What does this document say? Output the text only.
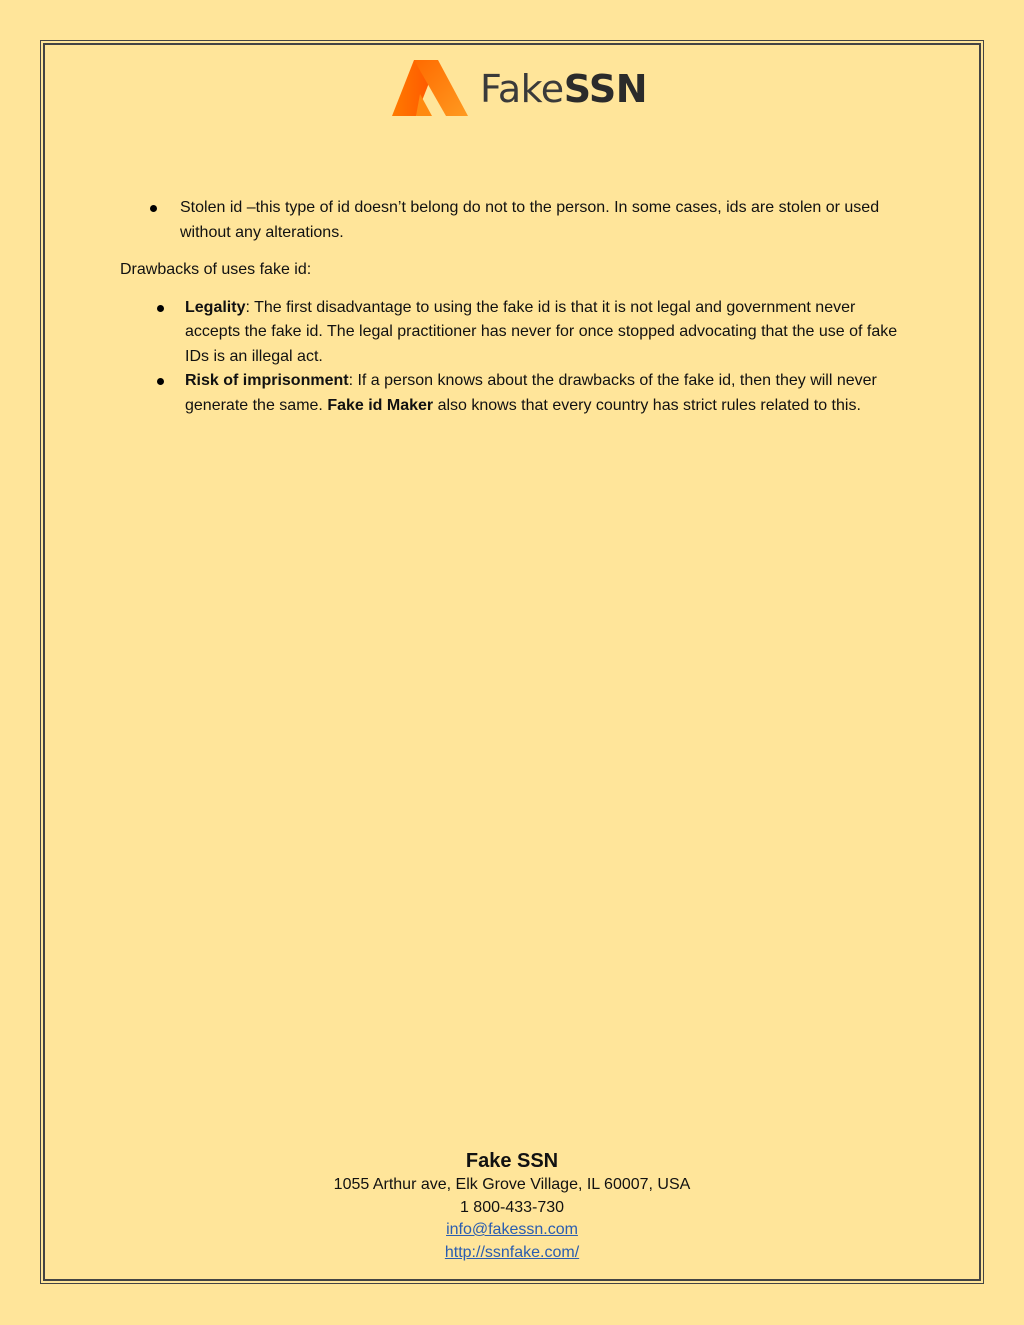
FakeSSN
Stolen id –this type of id doesn’t belong do not to the person. In some cases, ids are stolen or used without any alterations.

Drawbacks of uses fake id:

Legality: The first disadvantage to using the fake id is that it is not legal and government never accepts the fake id. The legal practitioner has never for once stopped advocating that the use of fake IDs is an illegal act.
Risk of imprisonment: If a person knows about the drawbacks of the fake id, then they will never generate the same. Fake id Maker also knows that every country has strict rules related to this.
Fake SSN
1055 Arthur ave, Elk Grove Village, IL 60007, USA
1 800-433-730
info@fakessn.com
http://ssnfake.com/
